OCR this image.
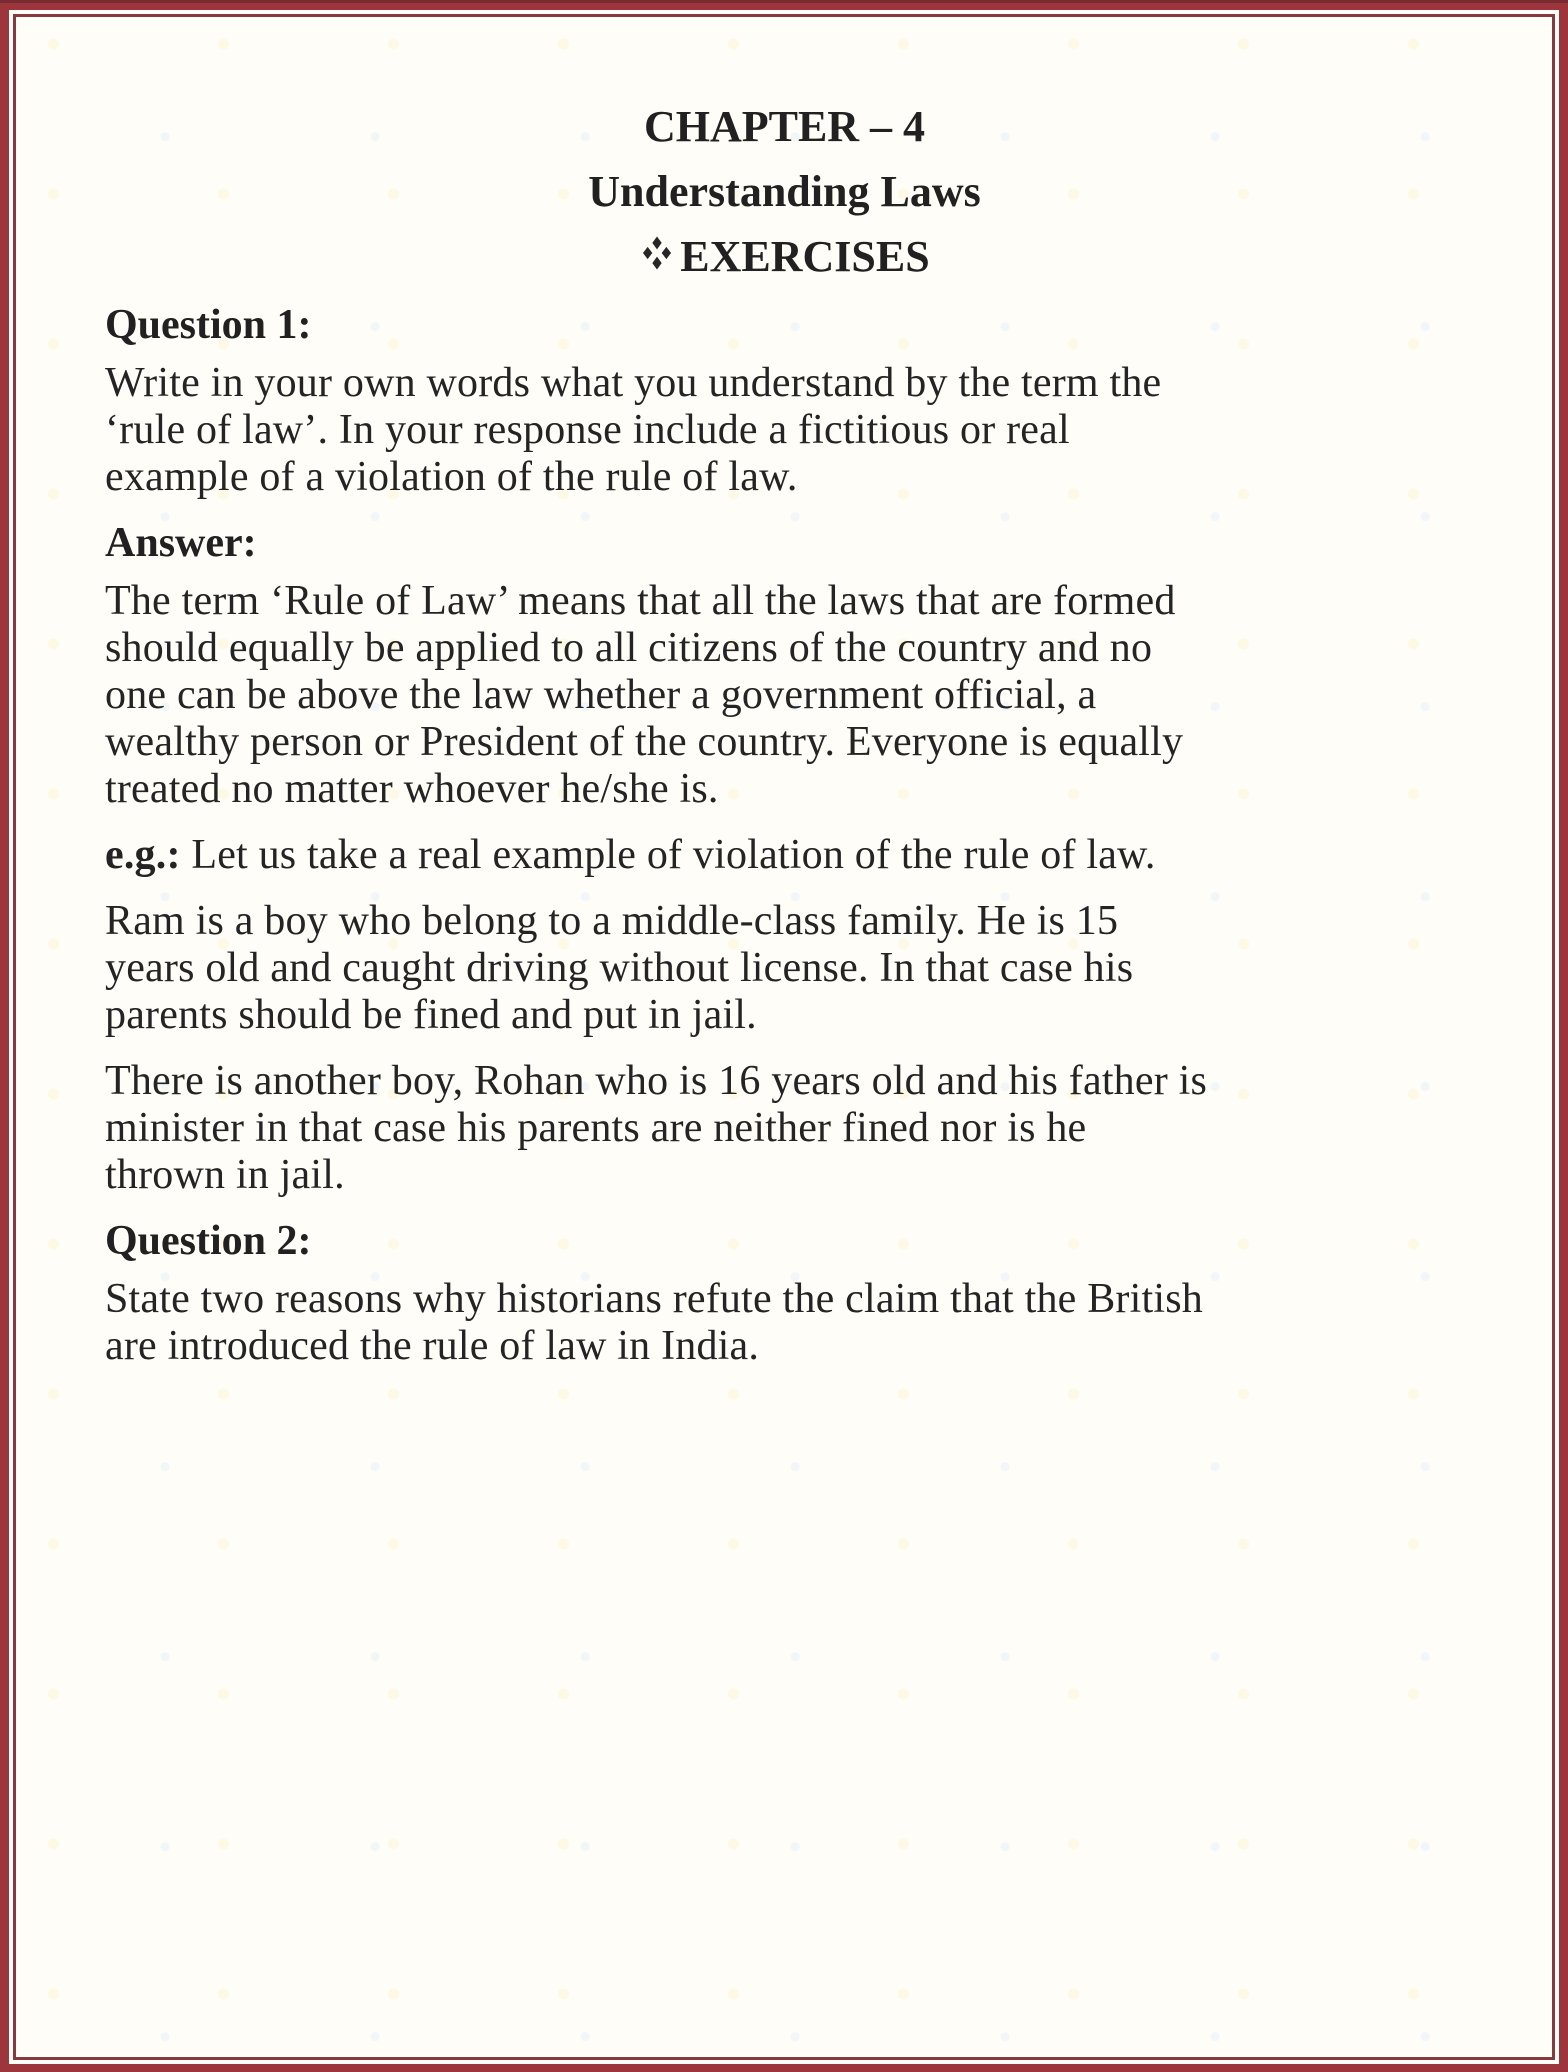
CHAPTER – 4
Understanding Laws
EXERCISES
Question 1:
Write in your own words what you understand by the term the
‘rule of law’. In your response include a fictitious or real
example of a violation of the rule of law.
Answer:
The term ‘Rule of Law’ means that all the laws that are formed
should equally be applied to all citizens of the country and no
one can be above the law whether a government official, a
wealthy person or President of the country. Everyone is equally
treated no matter whoever he/she is.
e.g.: Let us take a real example of violation of the rule of law.
Ram is a boy who belong to a middle-class family. He is 15
years old and caught driving without license. In that case his
parents should be fined and put in jail.
There is another boy, Rohan who is 16 years old and his father is
minister in that case his parents are neither fined nor is he
thrown in jail.
Question 2:
State two reasons why historians refute the claim that the British
are introduced the rule of law in India.
